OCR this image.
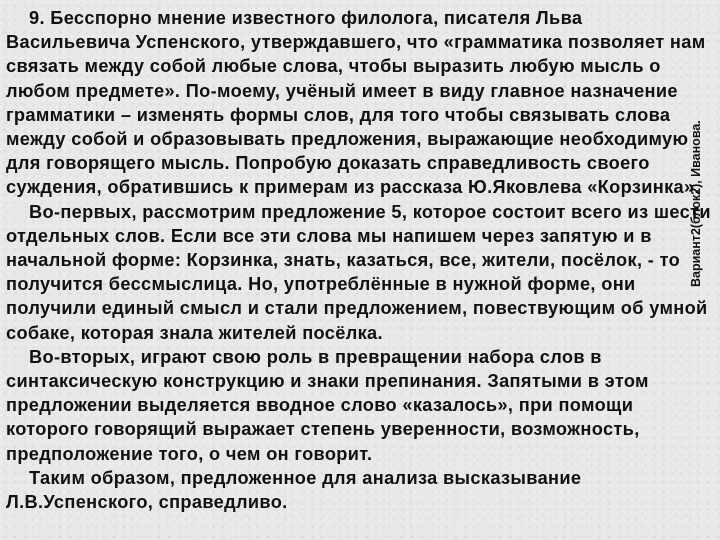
9. Бесспорно мнение известного филолога, писателя Льва Васильевича Успенского, утверждавшего, что «грамматика позволяет нам связать между собой любые слова, чтобы выразить любую мысль о любом предмете». По-моему, учёный имеет в виду главное назначение грамматики – изменять формы слов, для того чтобы связывать слова между собой и образовывать предложения, выражающие необходимую для говорящего мысль. Попробую доказать справедливость своего суждения, обратившись к примерам из рассказа Ю.Яковлева «Корзинка».

Во-первых, рассмотрим предложение 5, которое состоит всего из шести отдельных слов. Если все эти слова мы напишем через запятую и в начальной форме: Корзинка, знать, казаться, все, жители, посёлок, - то получится бессмыслица. Но, употреблённые в нужной форме, они получили единый смысл и стали предложением, повествующим об умной собаке, которая знала жителей посёлка.

Во-вторых, играют свою роль в превращении набора слов в синтаксическую конструкцию и знаки препинания. Запятыми в этом предложении выделяется вводное слово «казалось», при помощи которого говорящий выражает степень уверенности, возможность, предположение того, о чем он говорит.

Таким образом, предложенное для анализа высказывание Л.В.Успенского, справедливо.

Вариант2(блок2), Иванова.
